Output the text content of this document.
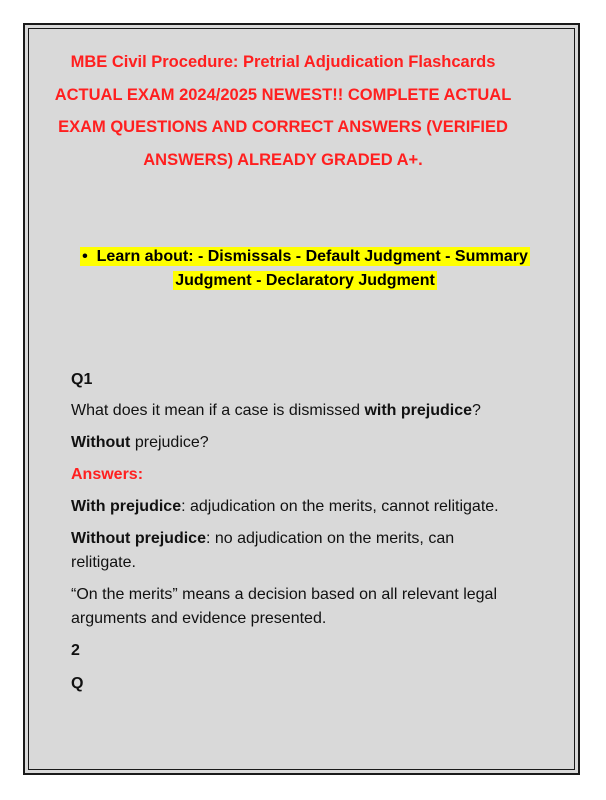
MBE Civil Procedure: Pretrial Adjudication Flashcards ACTUAL EXAM 2024/2025 NEWEST!! COMPLETE ACTUAL EXAM QUESTIONS AND CORRECT ANSWERS (VERIFIED ANSWERS) ALREADY GRADED A+.

• Learn about: - Dismissals - Default Judgment - Summary Judgment - Declaratory Judgment

Q1

What does it mean if a case is dismissed with prejudice?

Without prejudice?

Answers:

With prejudice: adjudication on the merits, cannot relitigate.

Without prejudice: no adjudication on the merits, can relitigate.

“On the merits” means a decision based on all relevant legal arguments and evidence presented.

2

Q
